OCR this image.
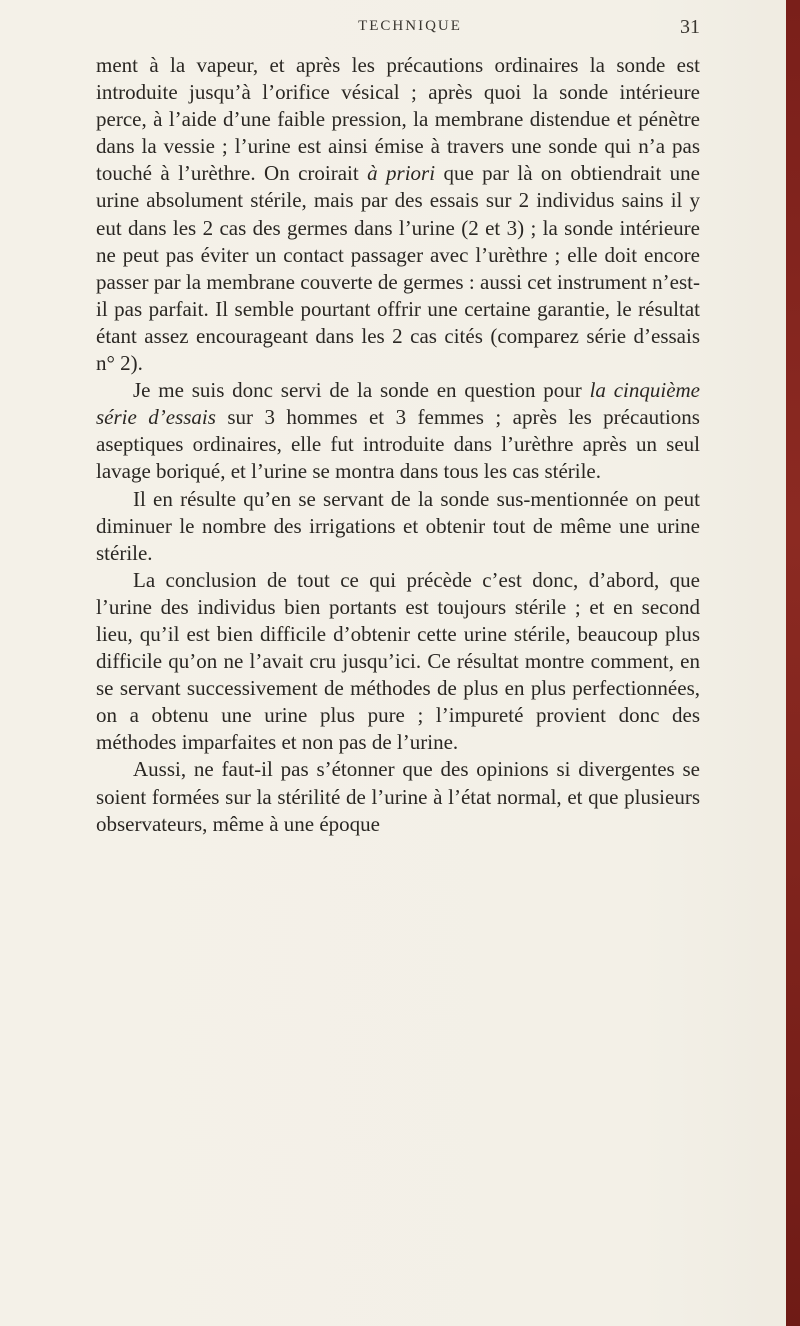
TECHNIQUE	31

ment à la vapeur, et après les précautions ordinaires la sonde est introduite jusqu’à l’orifice vésical ; après quoi la sonde intérieure perce, à l’aide d’une faible pression, la membrane distendue et pénètre dans la vessie ; l’urine est ainsi émise à travers une sonde qui n’a pas touché à l’urèthre. On croirait à priori que par là on obtiendrait une urine absolument stérile, mais par des essais sur 2 individus sains il y eut dans les 2 cas des germes dans l’urine (2 et 3) ; la sonde intérieure ne peut pas éviter un contact passager avec l’urèthre ; elle doit encore passer par la membrane couverte de germes : aussi cet instrument n’est-il pas parfait. Il semble pourtant offrir une certaine garantie, le résultat étant assez encourageant dans les 2 cas cités (comparez série d’essais n° 2).

Je me suis donc servi de la sonde en question pour la cinquième série d’essais sur 3 hommes et 3 femmes ; après les précautions aseptiques ordinaires, elle fut introduite dans l’urèthre après un seul lavage boriqué, et l’urine se montra dans tous les cas stérile.

Il en résulte qu’en se servant de la sonde sus-mentionnée on peut diminuer le nombre des irrigations et obtenir tout de même une urine stérile.

La conclusion de tout ce qui précède c’est donc, d’abord, que l’urine des individus bien portants est toujours stérile ; et en second lieu, qu’il est bien difficile d’obtenir cette urine stérile, beaucoup plus difficile qu’on ne l’avait cru jusqu’ici. Ce résultat montre comment, en se servant successivement de méthodes de plus en plus perfectionnées, on a obtenu une urine plus pure ; l’impureté provient donc des méthodes imparfaites et non pas de l’urine.

Aussi, ne faut-il pas s’étonner que des opinions si divergentes se soient formées sur la stérilité de l’urine à l’état normal, et que plusieurs observateurs, même à une époque
